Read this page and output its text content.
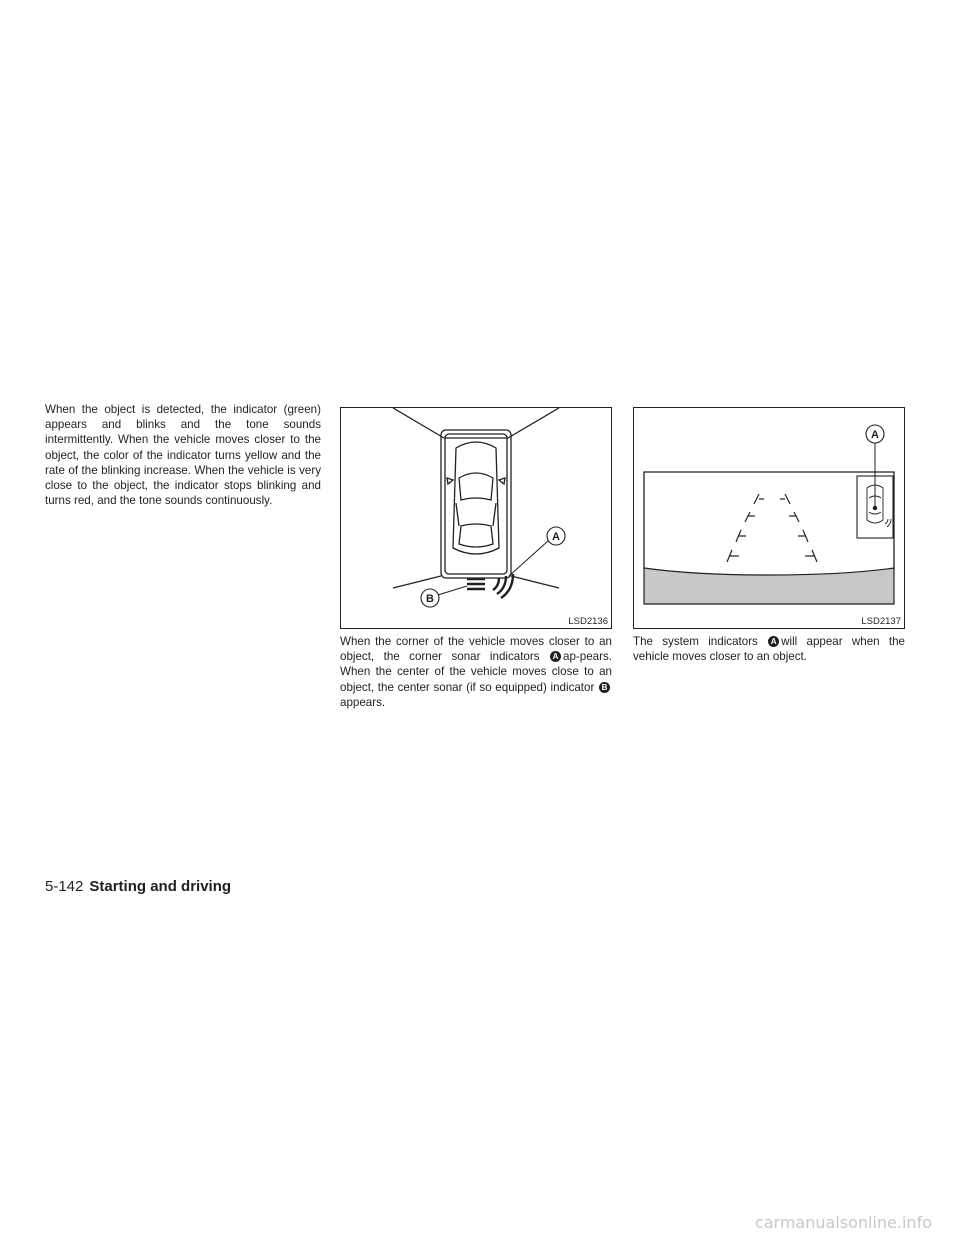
When the object is detected, the indicator (green) appears and blinks and the tone sounds intermittently. When the vehicle moves closer to the object, the color of the indicator turns yellow and the rate of the blinking increase. When the vehicle is very close to the object, the indicator stops blinking and turns red, and the tone sounds continuously.

A
B
LSD2136
A
LSD2137

When the corner of the vehicle moves closer to an object, the corner sonar indicators A ap-pears. When the center of the vehicle moves close to an object, the center sonar (if so equipped) indicator Bappears.

The system indicators A will appear when the vehicle moves closer to an object.

5-142 Starting and driving
carmanualsonline.info
